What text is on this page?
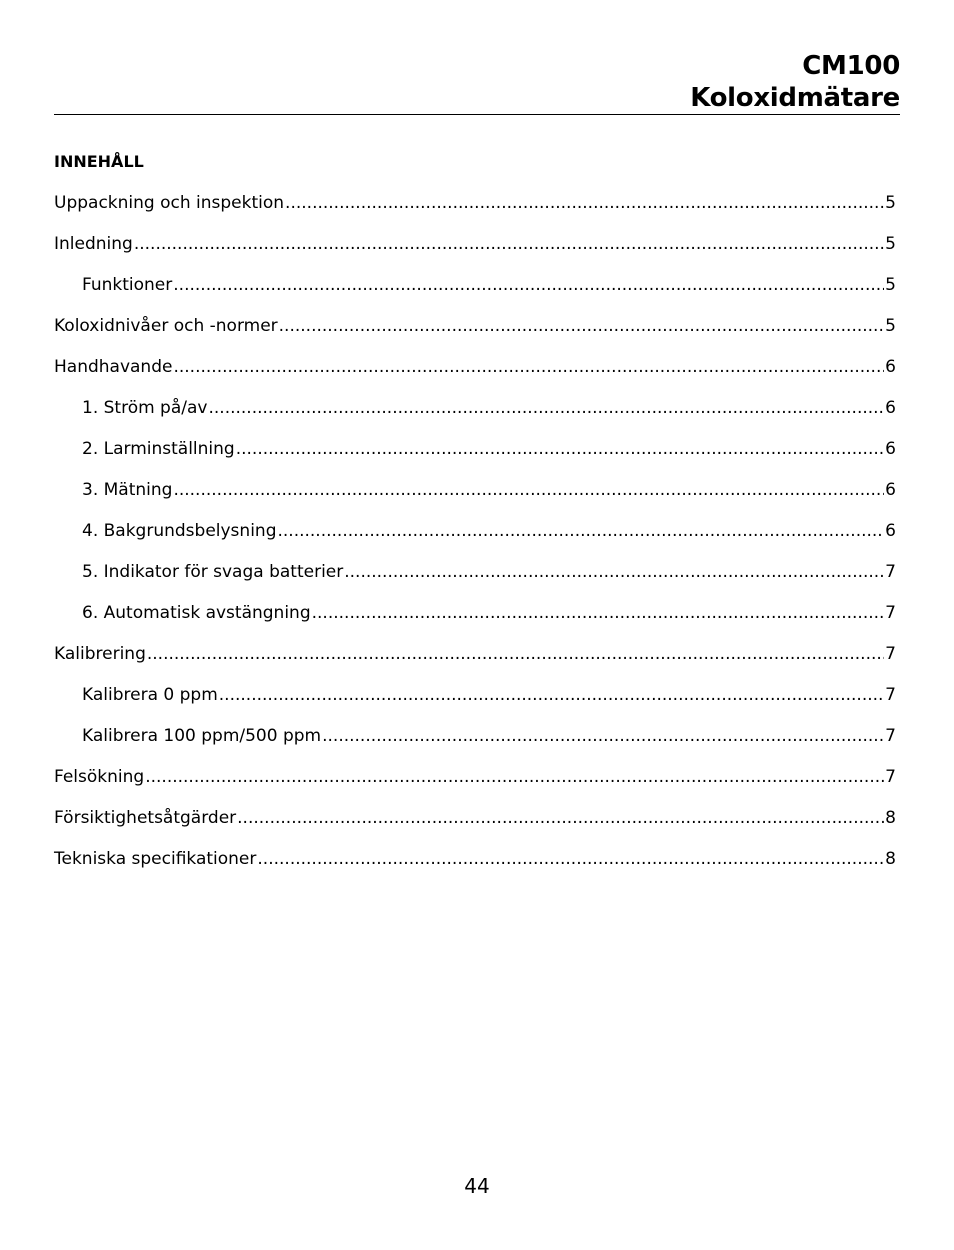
CM100
Koloxidmätare
INNEHÅLL
Uppackning och inspektion .....	5
Inledning .....	5
Funktioner .....	5
Koloxidnivåer och -normer .....	5
Handhavande .....	6
1. Ström på/av .....	6
2. Larminställning .....	6
3. Mätning .....	6
4. Bakgrundsbelysning .....	6
5. Indikator för svaga batterier .....	7
6. Automatisk avstängning .....	7
Kalibrering .....	7
Kalibrera 0 ppm .....	7
Kalibrera 100 ppm/500 ppm .....	7
Felsökning .....	7
Försiktighetsåtgärder .....	8
Tekniska specifikationer .....	8
44
